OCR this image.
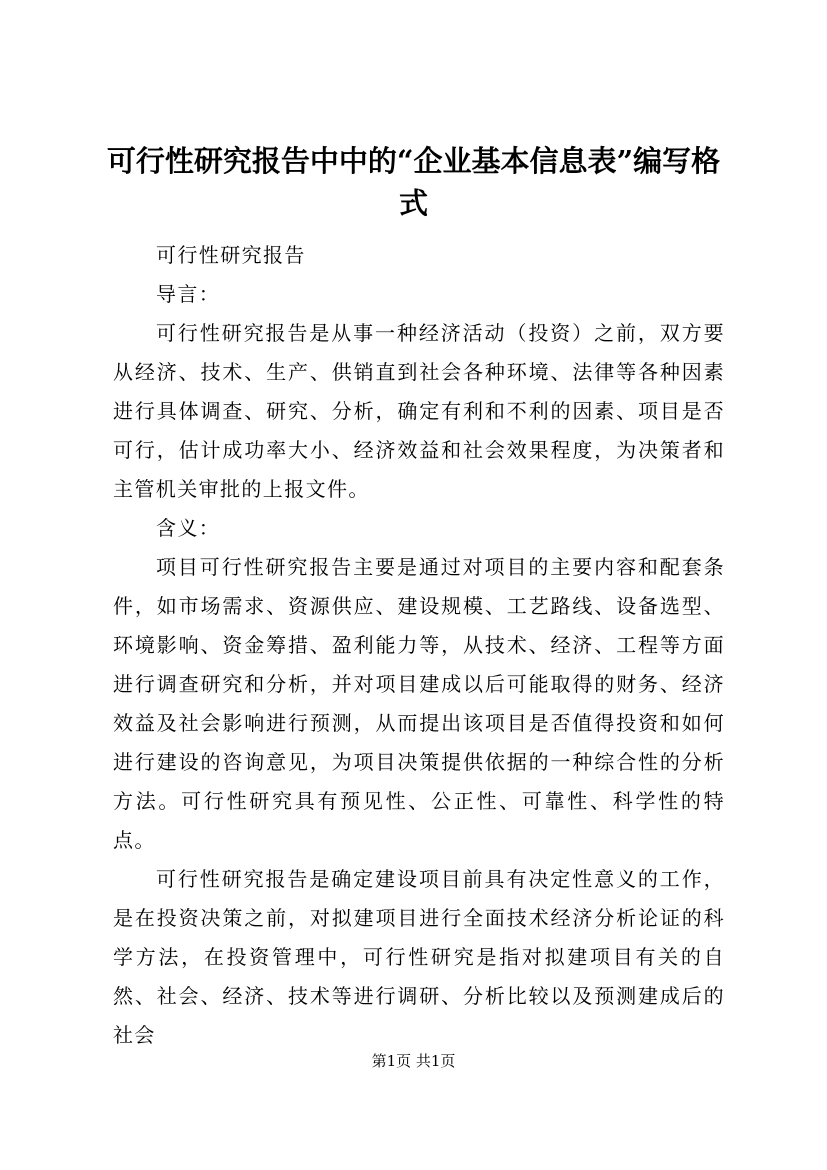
可行性研究报告中中的“企业基本信息表”编写格式

可行性研究报告

导言：

可行性研究报告是从事一种经济活动（投资）之前，双方要从经济、技术、生产、供销直到社会各种环境、法律等各种因素进行具体调查、研究、分析，确定有利和不利的因素、项目是否可行，估计成功率大小、经济效益和社会效果程度，为决策者和主管机关审批的上报文件。

含义：

项目可行性研究报告主要是通过对项目的主要内容和配套条件，如市场需求、资源供应、建设规模、工艺路线、设备选型、环境影响、资金筹措、盈利能力等，从技术、经济、工程等方面进行调查研究和分析，并对项目建成以后可能取得的财务、经济效益及社会影响进行预测，从而提出该项目是否值得投资和如何进行建设的咨询意见，为项目决策提供依据的一种综合性的分析方法。可行性研究具有预见性、公正性、可靠性、科学性的特点。

可行性研究报告是确定建设项目前具有决定性意义的工作，是在投资决策之前，对拟建项目进行全面技术经济分析论证的科学方法，在投资管理中，可行性研究是指对拟建项目有关的自然、社会、经济、技术等进行调研、分析比较以及预测建成后的社会

第1页 共1页
